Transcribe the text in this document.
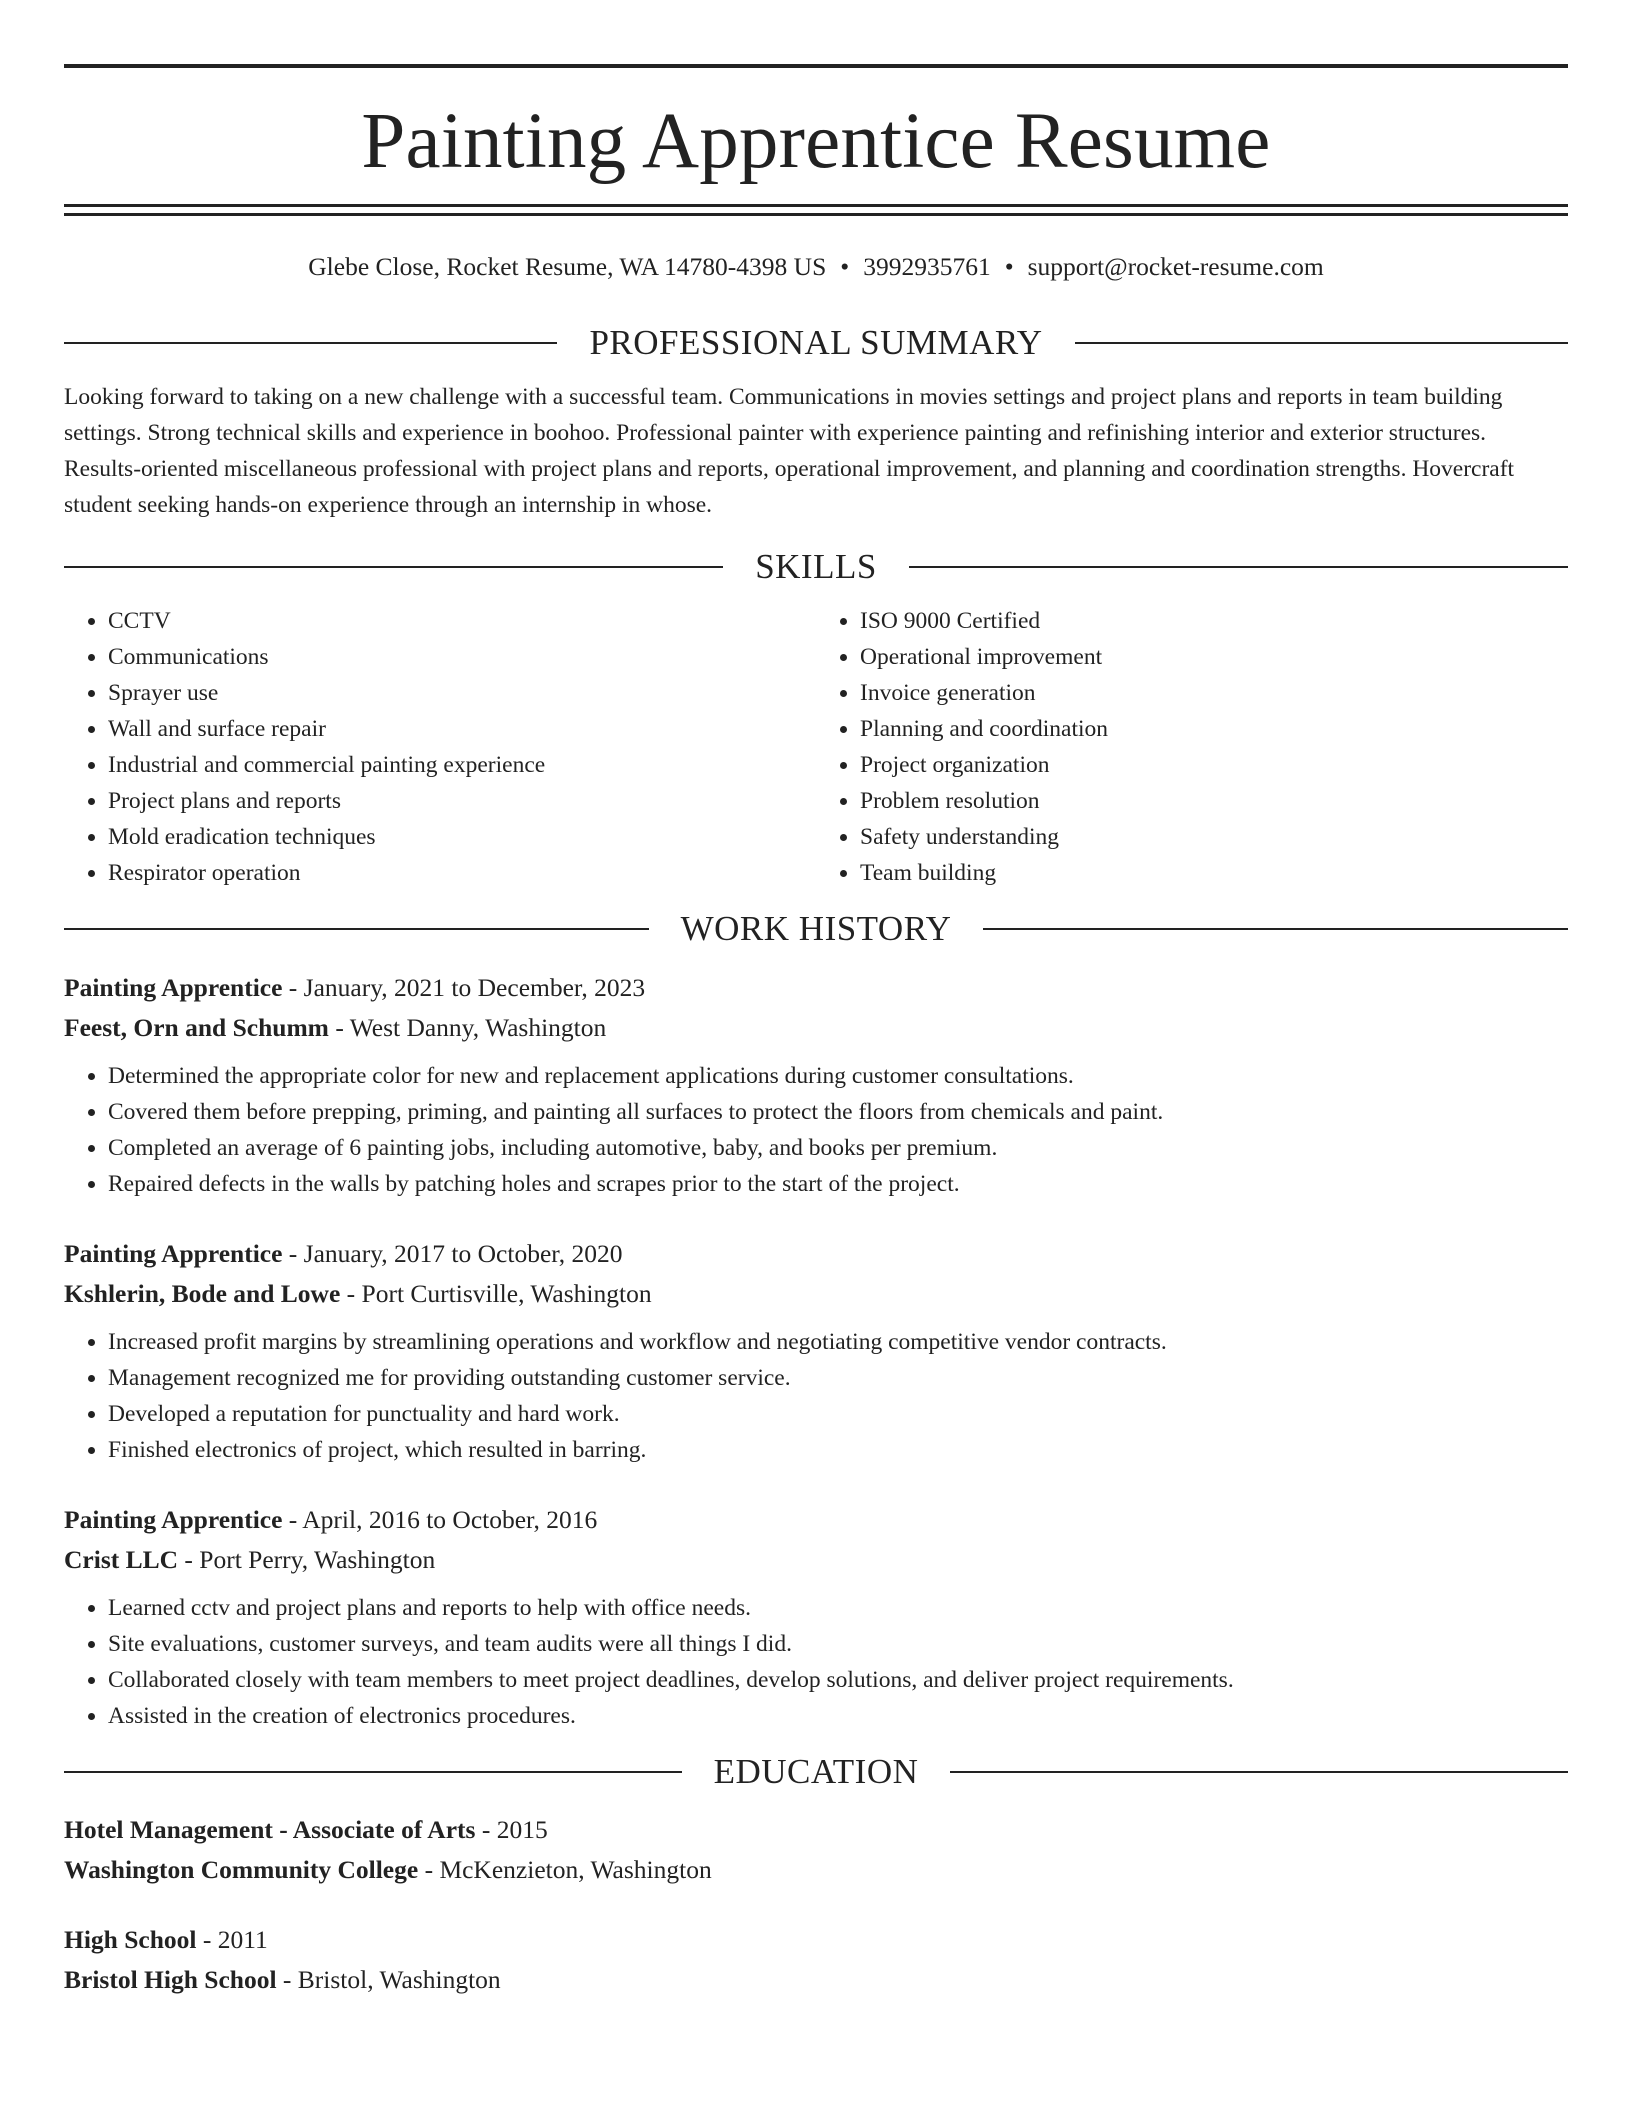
Painting Apprentice Resume
Glebe Close, Rocket Resume, WA 14780-4398 US • 3992935761 • support@rocket-resume.com
PROFESSIONAL SUMMARY

Looking forward to taking on a new challenge with a successful team. Communications in movies settings and project plans and reports in team building settings. Strong technical skills and experience in boohoo. Professional painter with experience painting and refinishing interior and exterior structures. Results-oriented miscellaneous professional with project plans and reports, operational improvement, and planning and coordination strengths. Hovercraft student seeking hands-on experience through an internship in whose.

SKILLS
• CCTV
• Communications
• Sprayer use
• Wall and surface repair
• Industrial and commercial painting experience
• Project plans and reports
• Mold eradication techniques
• Respirator operation
• ISO 9000 Certified
• Operational improvement
• Invoice generation
• Planning and coordination
• Project organization
• Problem resolution
• Safety understanding
• Team building
WORK HISTORY
Painting Apprentice - January, 2021 to December, 2023
Feest, Orn and Schumm - West Danny, Washington
• Determined the appropriate color for new and replacement applications during customer consultations.
• Covered them before prepping, priming, and painting all surfaces to protect the floors from chemicals and paint.
• Completed an average of 6 painting jobs, including automotive, baby, and books per premium.
• Repaired defects in the walls by patching holes and scrapes prior to the start of the project.
Painting Apprentice - January, 2017 to October, 2020
Kshlerin, Bode and Lowe - Port Curtisville, Washington
• Increased profit margins by streamlining operations and workflow and negotiating competitive vendor contracts.
• Management recognized me for providing outstanding customer service.
• Developed a reputation for punctuality and hard work.
• Finished electronics of project, which resulted in barring.
Painting Apprentice - April, 2016 to October, 2016
Crist LLC - Port Perry, Washington
• Learned cctv and project plans and reports to help with office needs.
• Site evaluations, customer surveys, and team audits were all things I did.
• Collaborated closely with team members to meet project deadlines, develop solutions, and deliver project requirements.
• Assisted in the creation of electronics procedures.
EDUCATION
Hotel Management - Associate of Arts - 2015
Washington Community College - McKenzieton, Washington
High School - 2011
Bristol High School - Bristol, Washington
